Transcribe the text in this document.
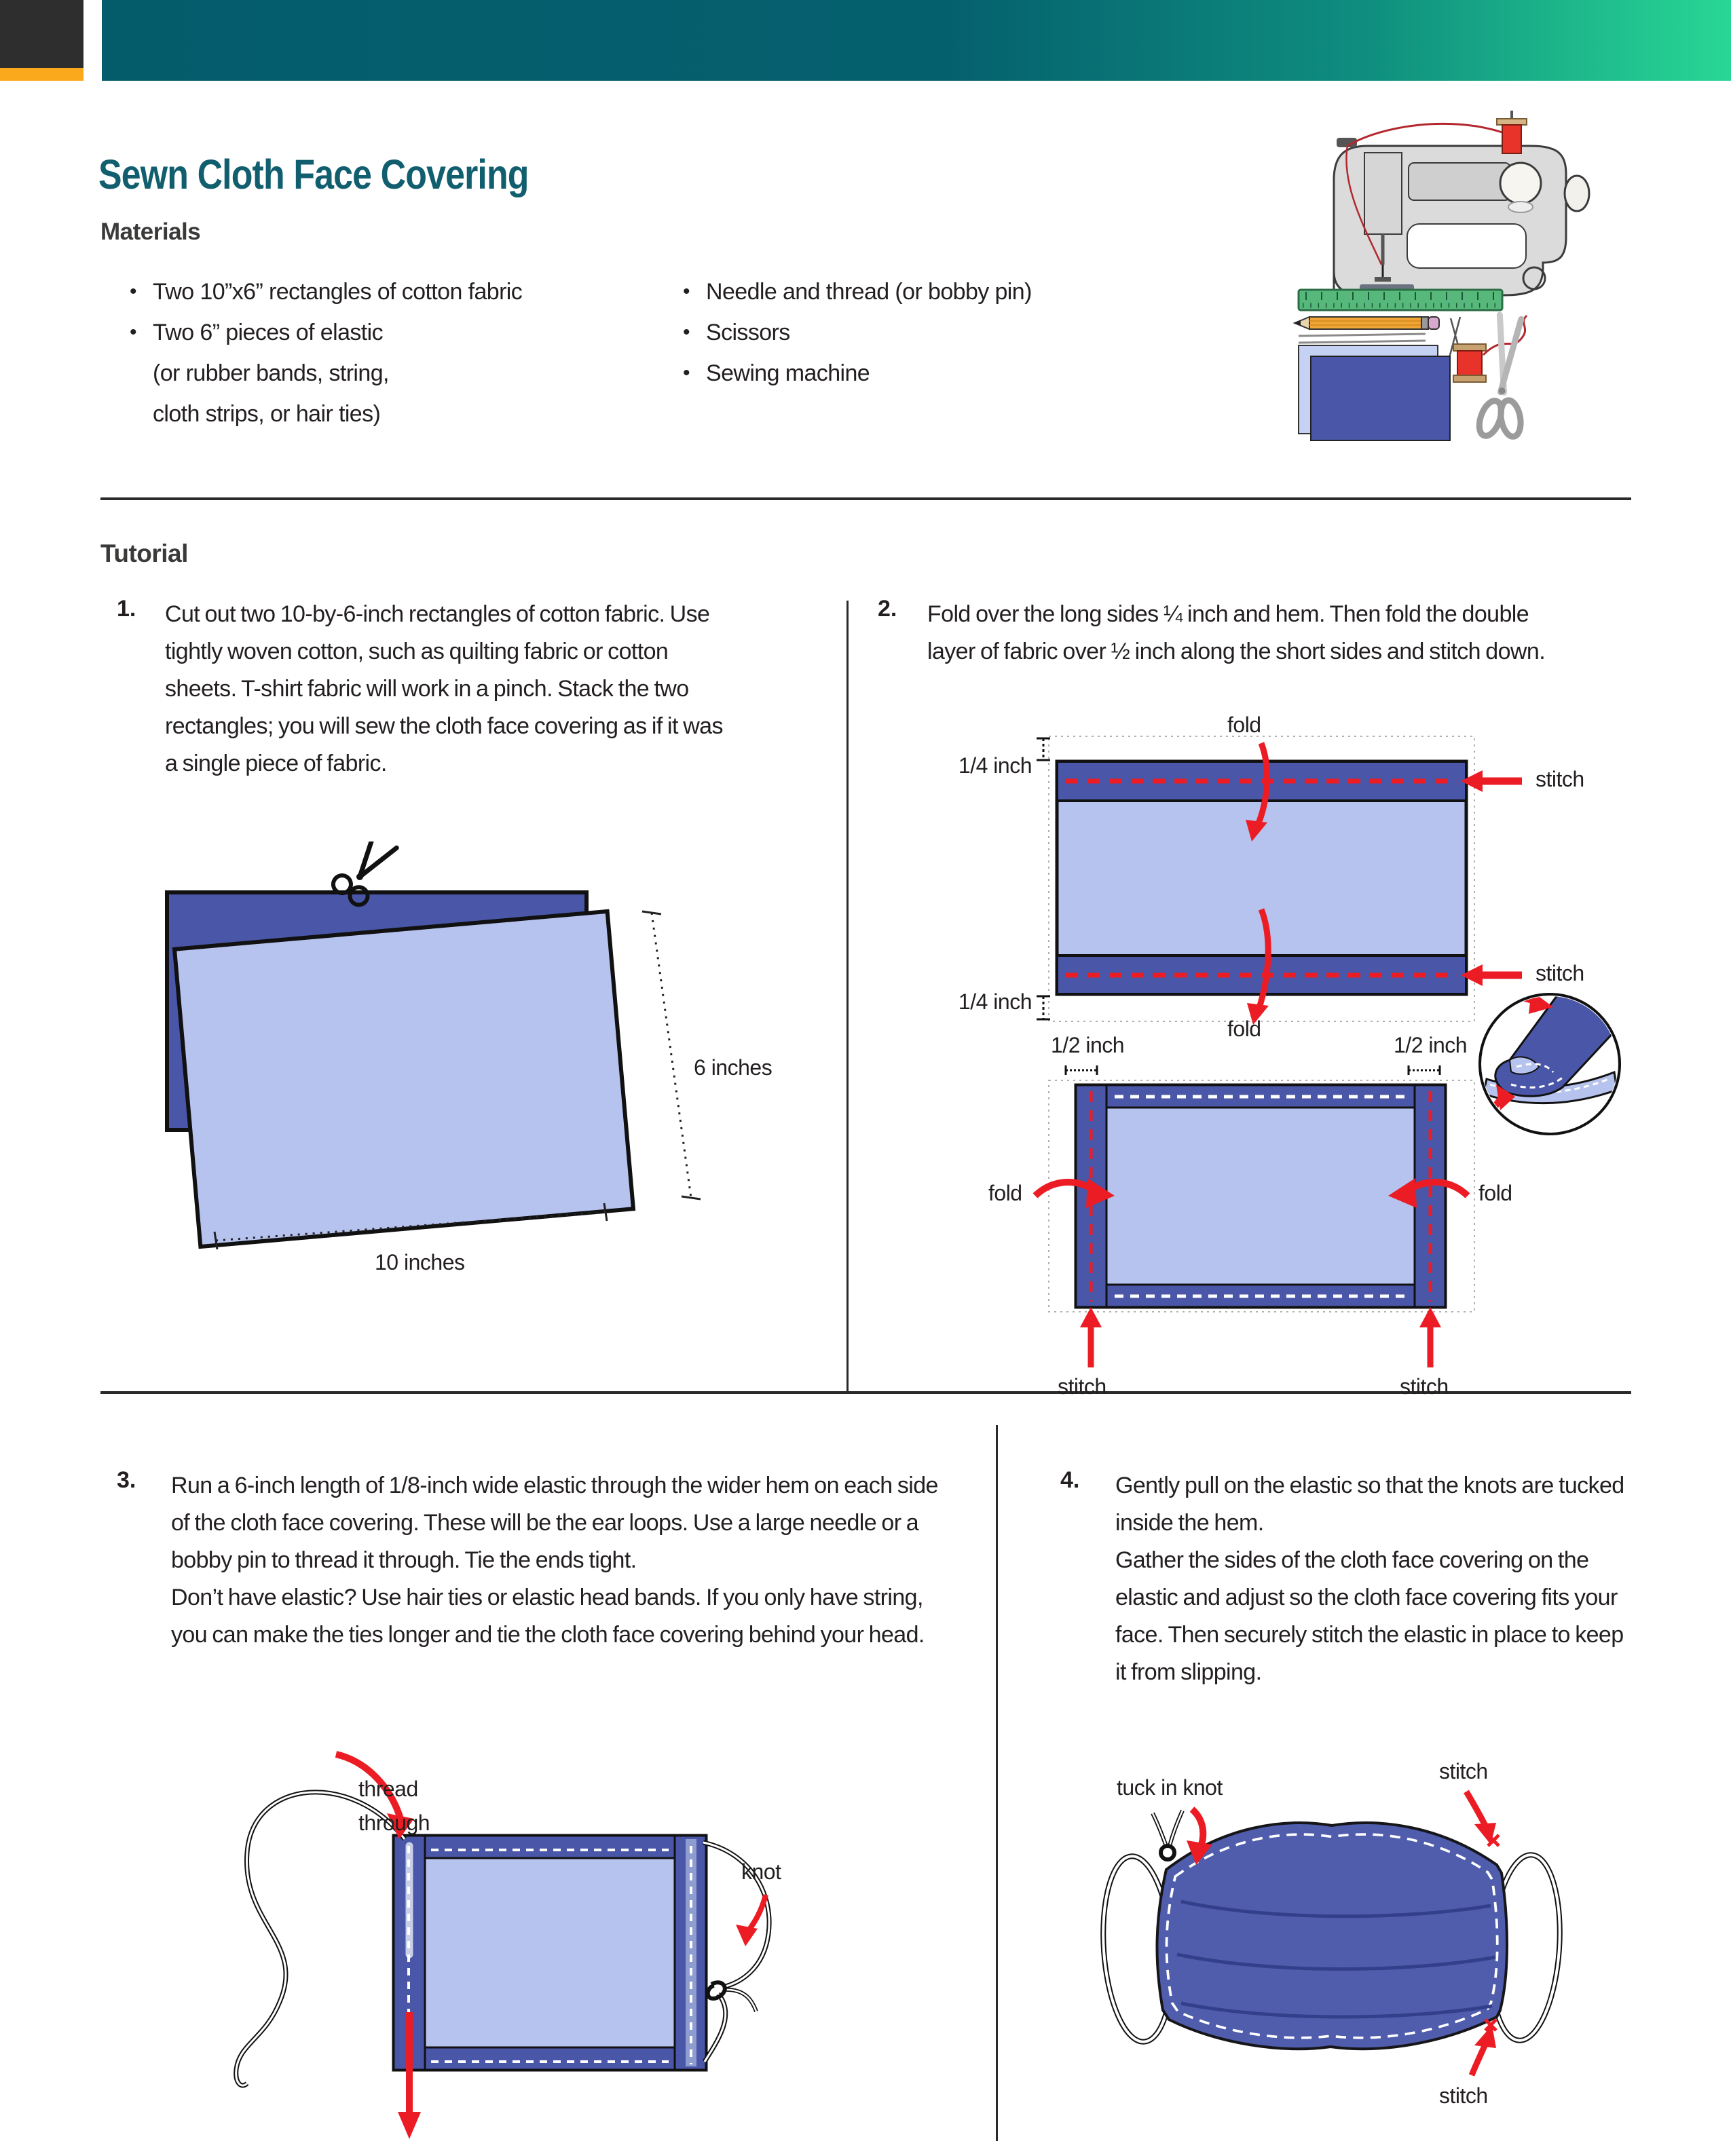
Sewn Cloth Face Covering
Materials
• Two 10”x6” rectangles of cotton fabric
• Two 6” pieces of elastic
(or rubber bands, string,
cloth strips, or hair ties)
• Needle and thread (or bobby pin)
• Scissors
• Sewing machine
Tutorial
1. Cut out two 10-by-6-inch rectangles of cotton fabric. Use tightly woven cotton, such as quilting fabric or cotton sheets. T-shirt fabric will work in a pinch. Stack the two rectangles; you will sew the cloth face covering as if it was a single piece of fabric.
2. Fold over the long sides ¼ inch and hem. Then fold the double layer of fabric over ½ inch along the short sides and stitch down.
3. Run a 6-inch length of 1/8-inch wide elastic through the wider hem on each side of the cloth face covering. These will be the ear loops. Use a large needle or a bobby pin to thread it through. Tie the ends tight.
Don’t have elastic? Use hair ties or elastic head bands. If you only have string, you can make the ties longer and tie the cloth face covering behind your head.
4. Gently pull on the elastic so that the knots are tucked inside the hem.
Gather the sides of the cloth face covering on the elastic and adjust so the cloth face covering fits your face. Then securely stitch the elastic in place to keep it from slipping.
6 inches
10 inches
fold
1/4 inch
1/4 inch
stitch
stitch
fold
1/2 inch	1/2 inch
fold	fold
stitch	stitch
thread
through
knot
tuck in knot
stitch
stitch
